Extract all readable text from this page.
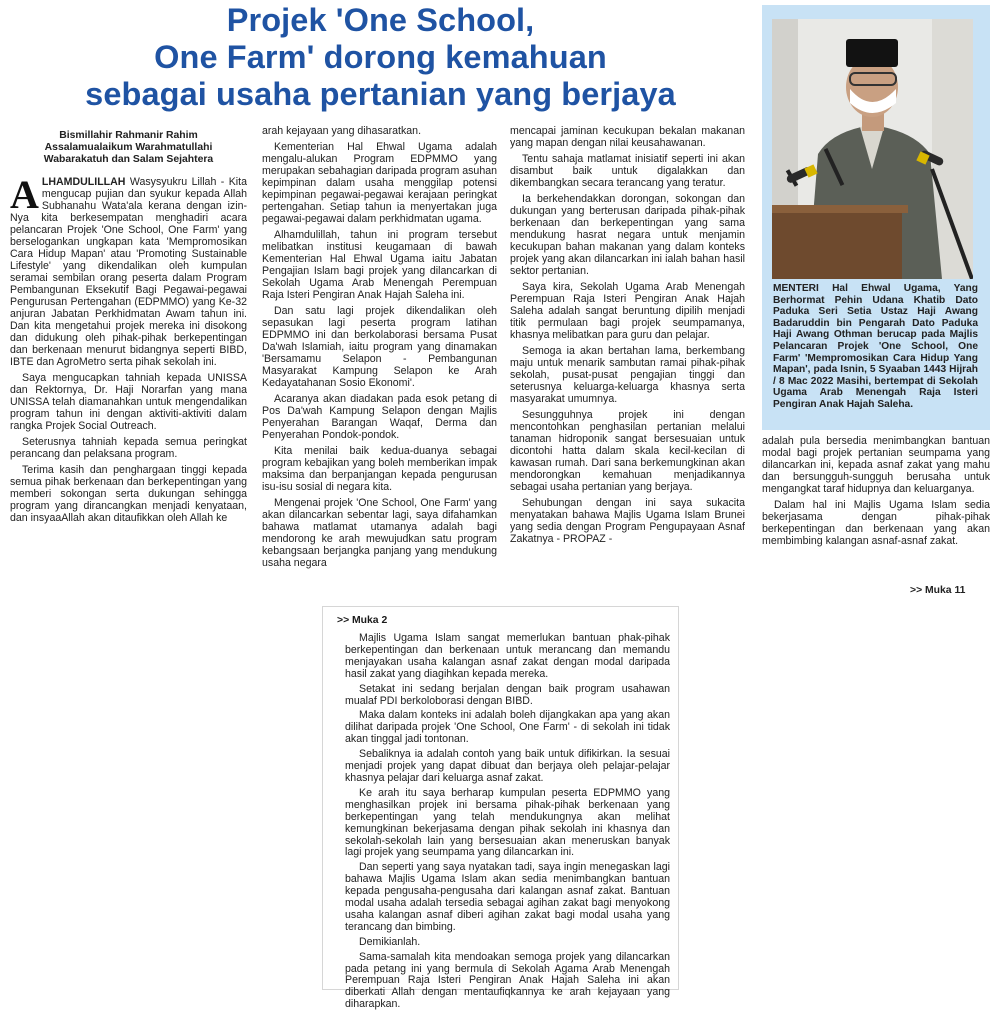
Projek 'One School,
One Farm' dorong kemahuan
sebagai usaha pertanian yang berjaya
Bismillahir Rahmanir Rahim
Assalamualaikum Warahmatullahi
Wabarakatuh dan Salam Sejahtera

ALHAMDULILLAH Wasysyukru Lillah - Kita mengucap pujian dan syukur kepada Allah Subhanahu Wata'ala kerana dengan izin-Nya kita berkesempatan menghadiri acara pelancaran Projek 'One School, One Farm' yang berselogankan ungkapan kata 'Mempromosikan Cara Hidup Mapan' atau 'Promoting Sustainable Lifestyle' yang dikendalikan oleh kumpulan seramai sembilan orang peserta dalam Program Pembangunan Eksekutif Bagi Pegawai-pegawai Pengurusan Pertengahan (EDPMMO) yang Ke-32 anjuran Jabatan Perkhidmatan Awam tahun ini. Dan kita mengetahui projek mereka ini disokong dan didukung oleh pihak-pihak berkepentingan dan berkenaan menurut bidangnya seperti BIBD, IBTE dan AgroMetro serta pihak sekolah ini.

Saya mengucapkan tahniah kepada UNISSA dan Rektornya, Dr. Haji Norarfan yang mana UNISSA telah diamanahkan untuk mengendalikan program tahun ini dengan aktiviti-aktiviti dalam rangka Projek Social Outreach.

Seterusnya tahniah kepada semua peringkat perancang dan pelaksana program.

Terima kasih dan penghargaan tinggi kepada semua pihak berkenaan dan berkepentingan yang memberi sokongan serta dukungan sehingga program yang dirancangkan menjadi kenyataan, dan insyaaAllah akan ditaufikkan oleh Allah ke

arah kejayaan yang dihasaratkan.

Kementerian Hal Ehwal Ugama adalah mengalu-alukan Program EDPMMO yang merupakan sebahagian daripada program asuhan kepimpinan dalam usaha menggilap potensi kepimpinan pegawai-pegawai kerajaan peringkat pertengahan. Setiap tahun ia menyertakan juga pegawai-pegawai dalam perkhidmatan ugama.

Alhamdulillah, tahun ini program tersebut melibatkan institusi keugamaan di bawah Kementerian Hal Ehwal Ugama iaitu Jabatan Pengajian Islam bagi projek yang dilancarkan di Sekolah Ugama Arab Menengah Perempuan Raja Isteri Pengiran Anak Hajah Saleha ini.

Dan satu lagi projek dikendalikan oleh sepasukan lagi peserta program latihan EDPMMO ini dan berkolaborasi bersama Pusat Da'wah Islamiah, iaitu program yang dinamakan 'Bersamamu Selapon - Pembangunan Masyarakat Kampung Selapon ke Arah Kedayatahanan Sosio Ekonomi'.

Acaranya akan diadakan pada esok petang di Pos Da'wah Kampung Selapon dengan Majlis Penyerahan Barangan Waqaf, Derma dan Penyerahan Pondok-pondok.

Kita menilai baik kedua-duanya sebagai program kebajikan yang boleh memberikan impak maksima dan berpanjangan kepada pengurusan isu-isu sosial di negara kita.

Mengenai projek 'One School, One Farm' yang akan dilancarkan sebentar lagi, saya difahamkan bahawa matlamat utamanya adalah bagi mendorong ke arah mewujudkan satu program kebangsaan berjangka panjang yang mendukung usaha negara

mencapai jaminan kecukupan bekalan makanan yang mapan dengan nilai keusahawanan.

Tentu sahaja matlamat inisiatif seperti ini akan disambut baik untuk digalakkan dan dikembangkan secara terancang yang teratur.

Ia berkehendakkan dorongan, sokongan dan dukungan yang berterusan daripada pihak-pihak berkenaan dan berkepentingan yang sama mendukung hasrat negara untuk menjamin kecukupan bahan makanan yang dalam konteks projek yang akan dilancarkan ini ialah bahan hasil sektor pertanian.

Saya kira, Sekolah Ugama Arab Menengah Perempuan Raja Isteri Pengiran Anak Hajah Saleha adalah sangat beruntung dipilih menjadi titik permulaan bagi projek seumpamanya, khasnya melibatkan para guru dan pelajar.

Semoga ia akan bertahan lama, berkembang maju untuk menarik sambutan ramai pihak-pihak sekolah, pusat-pusat pengajian tinggi dan seterusnya keluarga-keluarga khasnya serta masyarakat umumnya.

Sesungguhnya projek ini dengan mencontohkan penghasilan pertanian melalui tanaman hidroponik sangat bersesuaian untuk dicontohi hatta dalam skala kecil-kecilan di kawasan rumah. Dari sana berkemungkinan akan mendorongkan kemahuan menjadikannya sebagai usaha pertanian yang berjaya.

Sehubungan dengan ini saya sukacita menyatakan bahawa Majlis Ugama Islam Brunei yang sedia dengan Program Pengupayaan Asnaf Zakatnya - PROPAZ -

MENTERI Hal Ehwal Ugama, Yang Berhormat Pehin Udana Khatib Dato Paduka Seri Setia Ustaz Haji Awang Badaruddin bin Pengarah Dato Paduka Haji Awang Othman berucap pada Majlis Pelancaran Projek 'One School, One Farm' 'Mempromosikan Cara Hidup Yang Mapan', pada Isnin, 5 Syaaban 1443 Hijrah / 8 Mac 2022 Masihi, bertempat di Sekolah Ugama Arab Menengah Raja Isteri Pengiran Anak Hajah Saleha.

adalah pula bersedia menimbangkan bantuan modal bagi projek pertanian seumpama yang dilancarkan ini, kepada asnaf zakat yang mahu dan bersungguh-sungguh berusaha untuk mengangkat taraf hidupnya dan keluarganya.

Dalam hal ini Majlis Ugama Islam sedia bekerjasama dengan pihak-pihak berkepentingan dan berkenaan yang akan membimbing kalangan asnaf-asnaf zakat.

>> Muka 11
>> Muka 2

Majlis Ugama Islam sangat memerlukan bantuan phak-pihak berkepentingan dan berkenaan untuk merancang dan memandu menjayakan usaha kalangan asnaf zakat dengan modal daripada hasil zakat yang diagihkan kepada mereka.

Setakat ini sedang berjalan dengan baik program usahawan mualaf PDI berkoloborasi dengan BIBD.

Maka dalam konteks ini adalah boleh dijangkakan apa yang akan dilihat daripada projek 'One School, One Farm' - di sekolah ini tidak akan tinggal jadi tontonan.

Sebaliknya ia adalah contoh yang baik untuk difikirkan. Ia sesuai menjadi projek yang dapat dibuat dan berjaya oleh pelajar-pelajar khasnya pelajar dari keluarga asnaf zakat.

Ke arah itu saya berharap kumpulan peserta EDPMMO yang menghasilkan projek ini bersama pihak-pihak berkenaan yang berkepentingan yang telah mendukungnya akan melihat kemungkinan bekerjasama dengan pihak sekolah ini khasnya dan sekolah-sekolah lain yang bersesuaian akan meneruskan banyak lagi projek yang seumpama yang dilancarkan ini.

Dan seperti yang saya nyatakan tadi, saya ingin menegaskan lagi bahawa Majlis Ugama Islam akan sedia menimbangkan bantuan kepada pengusaha-pengusaha dari kalangan asnaf zakat. Bantuan modal usaha adalah tersedia sebagai agihan zakat bagi menyokong usaha kalangan asnaf diberi agihan zakat bagi modal usaha yang terancang dan bimbing.

Demikianlah.

Sama-samalah kita mendoakan semoga projek yang dilancarkan pada petang ini yang bermula di Sekolah Agama Arab Menengah Perempuan Raja Isteri Pengiran Anak Hajah Saleha ini akan diberkati Allah dengan mentaufiqkannya ke arah kejayaan yang diharapkan.
